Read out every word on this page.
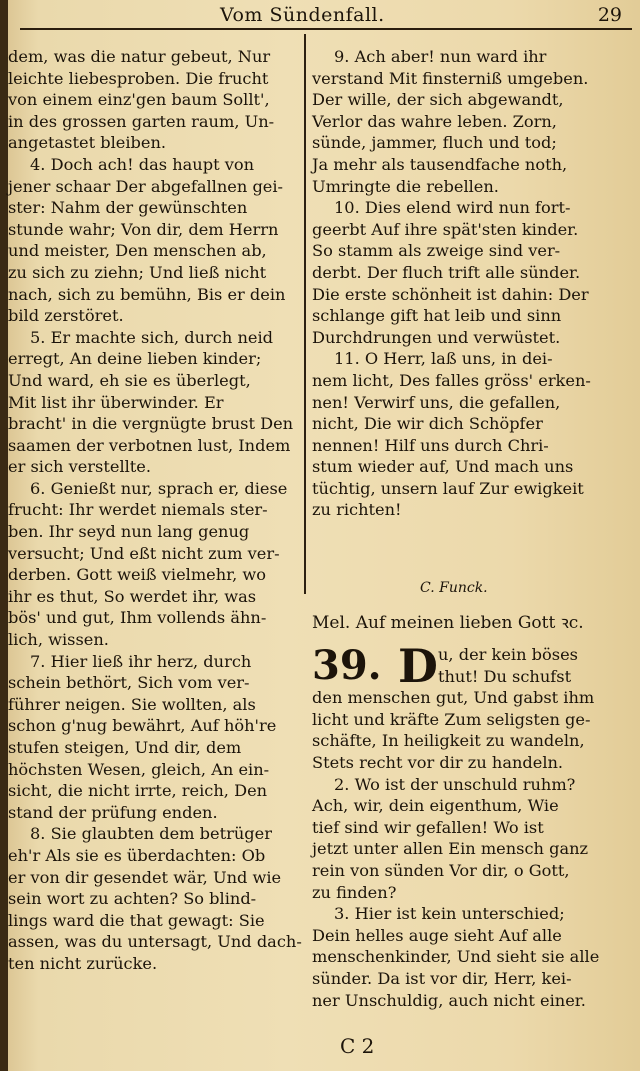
Vom Sündenfall.	29
dem, was die natur gebeut, Nur
leichte liebesproben. Die frucht
von einem einz'gen baum Sollt',
in des grossen garten raum, Un-
angetastet bleiben.
4. Doch ach! das haupt von
jener schaar Der abgefallnen gei-
ster: Nahm der gewünschten
stunde wahr; Von dir, dem Herrn
und meister, Den menschen ab,
zu sich zu ziehn; Und ließ nicht
nach, sich zu bemühn, Bis er dein
bild zerstöret.
5. Er machte sich, durch neid
erregt, An deine lieben kinder;
Und ward, eh sie es überlegt,
Mit list ihr überwinder. Er
bracht' in die vergnügte brust Den
saamen der verbotnen lust, Indem
er sich verstellte.
6. Genießt nur, sprach er, diese
frucht: Ihr werdet niemals ster-
ben. Ihr seyd nun lang genug
versucht; Und eßt nicht zum ver-
derben. Gott weiß vielmehr, wo
ihr es thut, So werdet ihr, was
bös' und gut, Ihm vollends ähn-
lich, wissen.
7. Hier ließ ihr herz, durch
schein bethört, Sich vom ver-
führer neigen. Sie wollten, als
schon g'nug bewährt, Auf höh're
stufen steigen, Und dir, dem
höchsten Wesen, gleich, An ein-
sicht, die nicht irrte, reich, Den
stand der prüfung enden.
8. Sie glaubten dem betrüger
eh'r Als sie es überdachten: Ob
er von dir gesendet wär, Und wie
sein wort zu achten? So blind-
lings ward die that gewagt: Sie
assen, was du untersagt, Und dach-
ten nicht zurücke.
9. Ach aber! nun ward ihr
verstand Mit finsterniß umgeben.
Der wille, der sich abgewandt,
Verlor das wahre leben. Zorn,
sünde, jammer, fluch und tod;
Ja mehr als tausendfache noth,
Umringte die rebellen.
10. Dies elend wird nun fort-
geerbt Auf ihre spät'sten kinder.
So stamm als zweige sind ver-
derbt. Der fluch trift alle sünder.
Die erste schönheit ist dahin: Der
schlange gift hat leib und sinn
Durchdrungen und verwüstet.
11. O Herr, laß uns, in dei-
nem licht, Des falles gröss' erken-
nen! Verwirf uns, die gefallen,
nicht, Die wir dich Schöpfer
nennen! Hilf uns durch Chri-
stum wieder auf, Und mach uns
tüchtig, unsern lauf Zur ewigkeit
zu richten!
C. Funck.
Mel. Auf meinen lieben Gott ꝛc.
39. D u, der kein böses
thut! Du schufst
den menschen gut, Und gabst ihm
licht und kräfte Zum seligsten ge-
schäfte, In heiligkeit zu wandeln,
Stets recht vor dir zu handeln.
2. Wo ist der unschuld ruhm?
Ach, wir, dein eigenthum, Wie
tief sind wir gefallen! Wo ist
jetzt unter allen Ein mensch ganz
rein von sünden Vor dir, o Gott,
zu finden?
3. Hier ist kein unterschied;
Dein helles auge sieht Auf alle
menschenkinder, Und sieht sie alle
sünder. Da ist vor dir, Herr, kei-
ner Unschuldig, auch nicht einer.
C 2
